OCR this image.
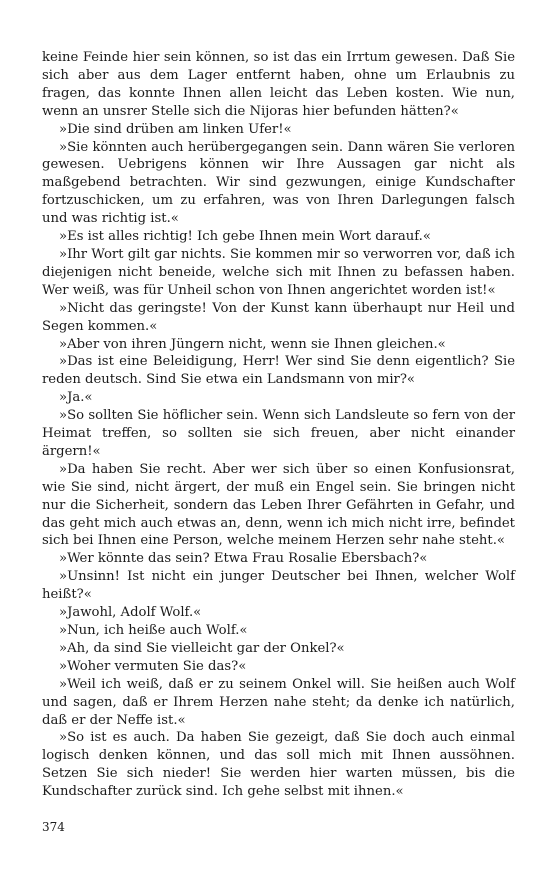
keine Feinde hier sein können, so ist das ein Irrtum gewesen. Daß Sie sich aber aus dem Lager entfernt haben, ohne um Erlaubnis zu fragen, das konnte Ihnen allen leicht das Leben kosten. Wie nun, wenn an unsrer Stelle sich die Nijoras hier befunden hätten?«

»Die sind drüben am linken Ufer!«

»Sie könnten auch herübergegangen sein. Dann wären Sie verloren gewesen. Uebrigens können wir Ihre Aussagen gar nicht als maßgebend betrachten. Wir sind gezwungen, einige Kundschafter fortzuschicken, um zu erfahren, was von Ihren Darlegungen falsch und was richtig ist.«

»Es ist alles richtig! Ich gebe Ihnen mein Wort darauf.«

»Ihr Wort gilt gar nichts. Sie kommen mir so verworren vor, daß ich diejenigen nicht beneide, welche sich mit Ihnen zu befassen haben. Wer weiß, was für Unheil schon von Ihnen angerichtet worden ist!«

»Nicht das geringste! Von der Kunst kann überhaupt nur Heil und Segen kommen.«

»Aber von ihren Jüngern nicht, wenn sie Ihnen gleichen.«

»Das ist eine Beleidigung, Herr! Wer sind Sie denn eigentlich? Sie reden deutsch. Sind Sie etwa ein Landsmann von mir?«

»Ja.«

»So sollten Sie höflicher sein. Wenn sich Landsleute so fern von der Heimat treffen, so sollten sie sich freuen, aber nicht einander ärgern!«

»Da haben Sie recht. Aber wer sich über so einen Konfusionsrat, wie Sie sind, nicht ärgert, der muß ein Engel sein. Sie bringen nicht nur die Sicherheit, sondern das Leben Ihrer Gefährten in Gefahr, und das geht mich auch etwas an, denn, wenn ich mich nicht irre, befindet sich bei Ihnen eine Person, welche meinem Herzen sehr nahe steht.«

»Wer könnte das sein? Etwa Frau Rosalie Ebersbach?«

»Unsinn! Ist nicht ein junger Deutscher bei Ihnen, welcher Wolf heißt?«

»Jawohl, Adolf Wolf.«

»Nun, ich heiße auch Wolf.«

»Ah, da sind Sie vielleicht gar der Onkel?«

»Woher vermuten Sie das?«

»Weil ich weiß, daß er zu seinem Onkel will. Sie heißen auch Wolf und sagen, daß er Ihrem Herzen nahe steht; da denke ich natürlich, daß er der Neffe ist.«

»So ist es auch. Da haben Sie gezeigt, daß Sie doch auch einmal logisch denken können, und das soll mich mit Ihnen aussöhnen. Setzen Sie sich nieder! Sie werden hier warten müssen, bis die Kundschafter zurück sind. Ich gehe selbst mit ihnen.«

374
